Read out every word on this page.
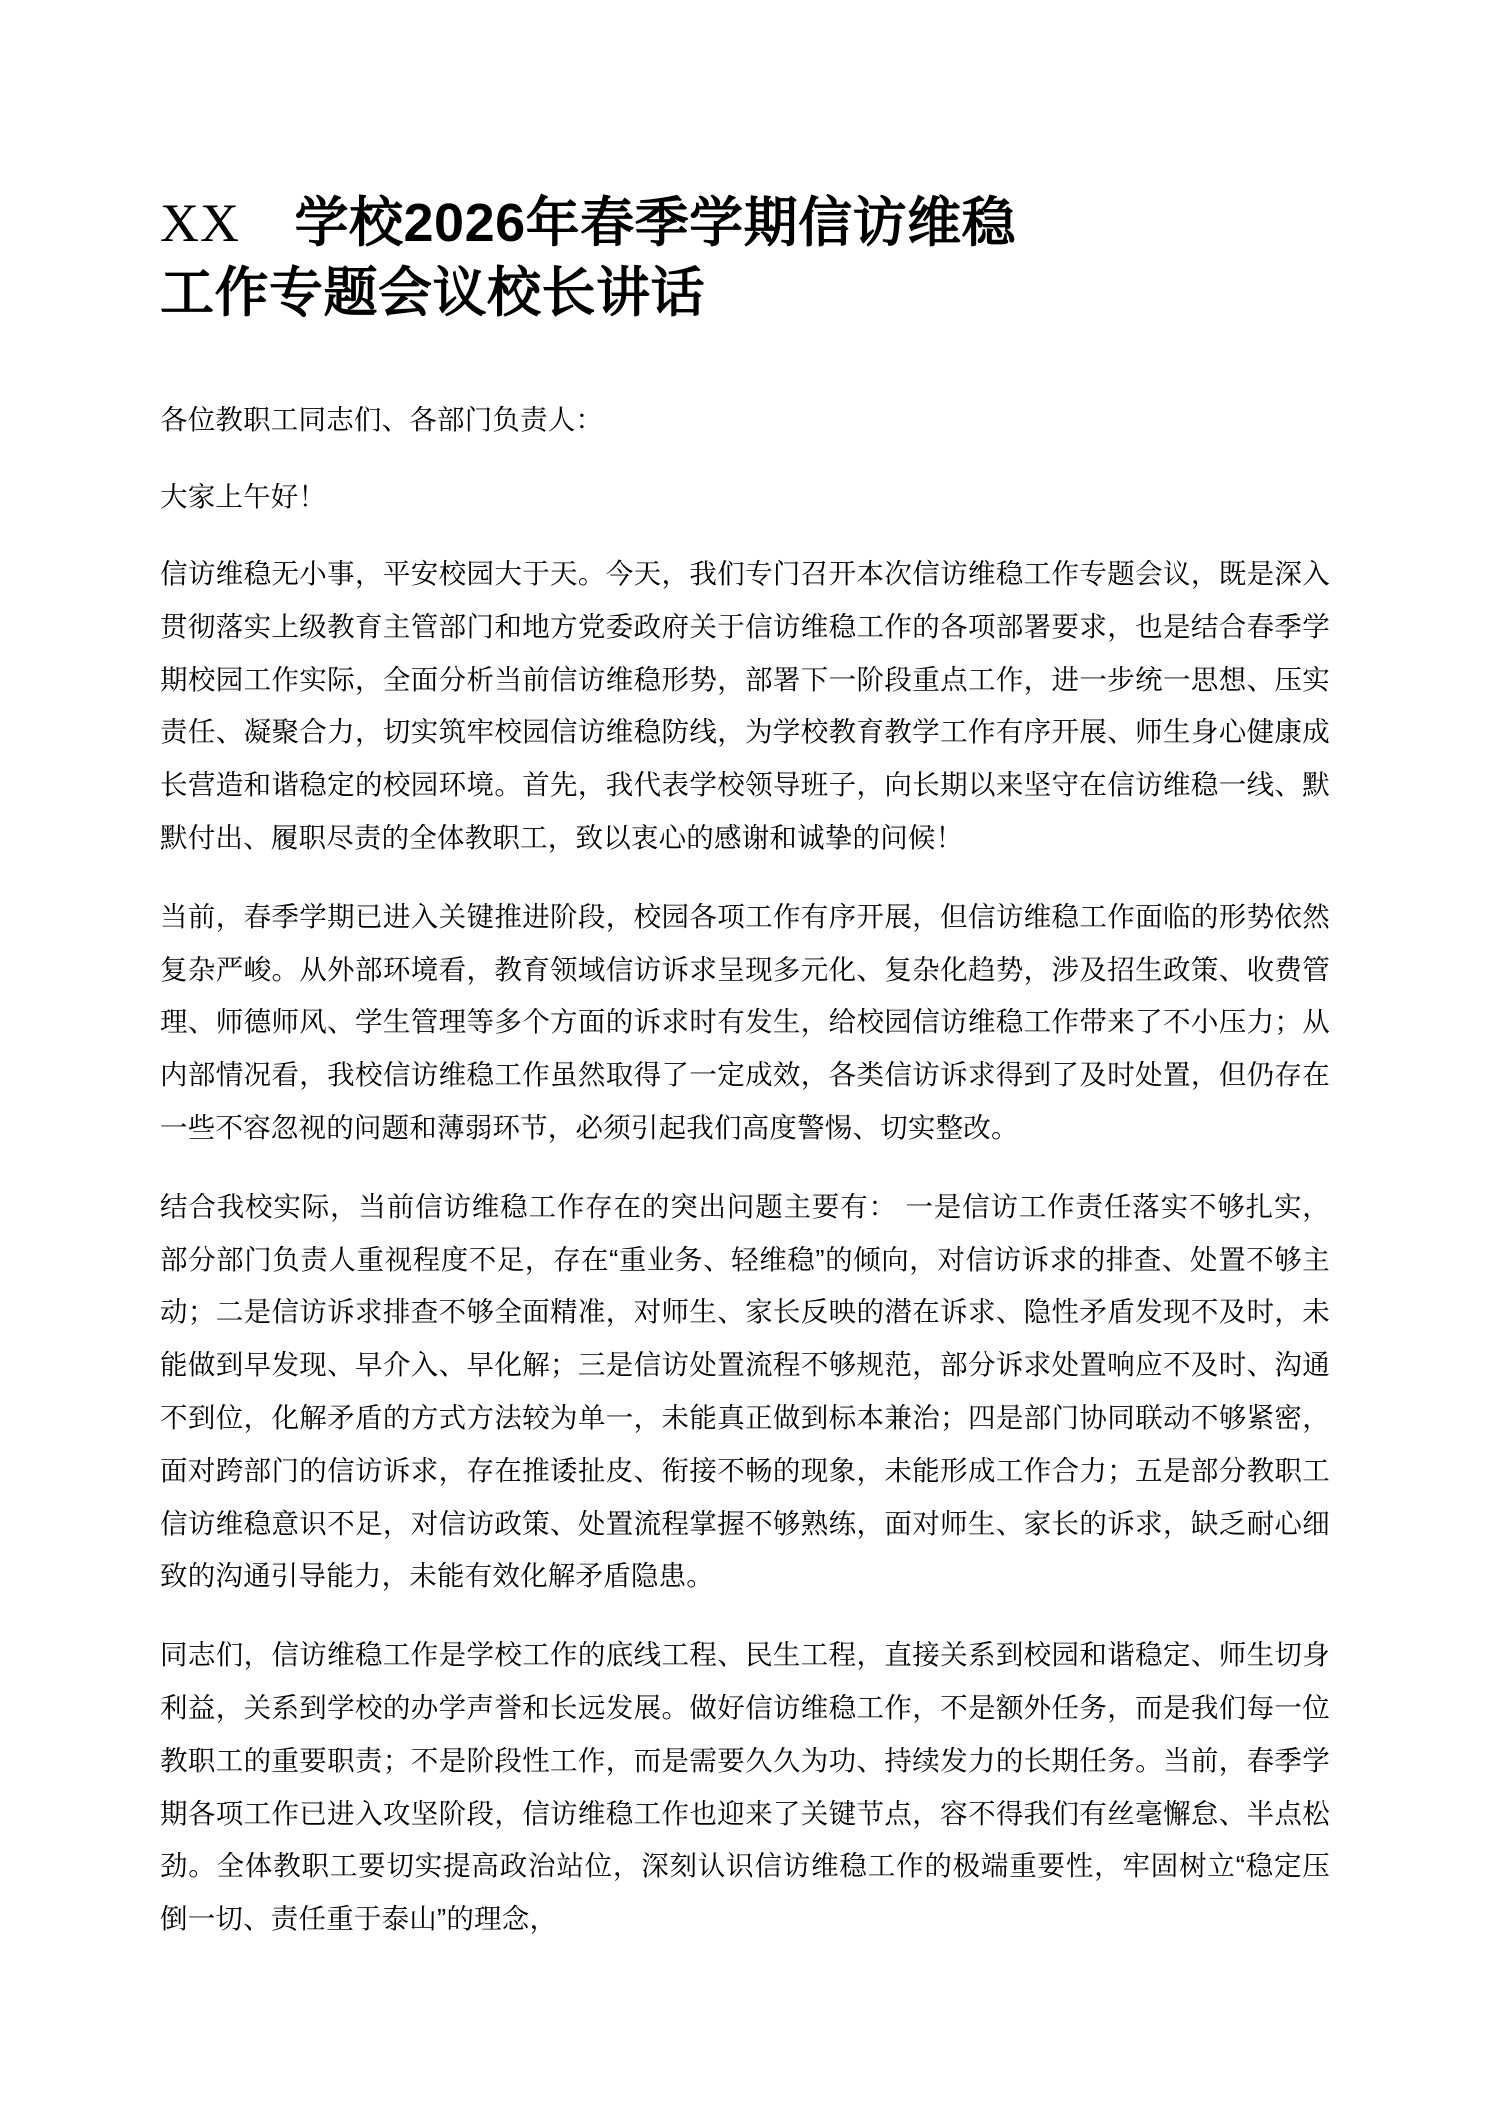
XX　学校2026年春季学期信访维稳
工作专题会议校长讲话

各位教职工同志们、各部门负责人：

大家上午好！

信访维稳无小事，平安校园大于天。今天，我们专门召开本次信访维稳工作专题会议，既是深入贯彻落实上级教育主管部门和地方党委政府关于信访维稳工作的各项部署要求，也是结合春季学期校园工作实际，全面分析当前信访维稳形势，部署下一阶段重点工作，进一步统一思想、压实责任、凝聚合力，切实筑牢校园信访维稳防线，为学校教育教学工作有序开展、师生身心健康成长营造和谐稳定的校园环境。首先，我代表学校领导班子，向长期以来坚守在信访维稳一线、默默付出、履职尽责的全体教职工，致以衷心的感谢和诚挚的问候！

当前，春季学期已进入关键推进阶段，校园各项工作有序开展，但信访维稳工作面临的形势依然复杂严峻。从外部环境看，教育领域信访诉求呈现多元化、复杂化趋势，涉及招生政策、收费管理、师德师风、学生管理等多个方面的诉求时有发生，给校园信访维稳工作带来了不小压力；从内部情况看，我校信访维稳工作虽然取得了一定成效，各类信访诉求得到了及时处置，但仍存在一些不容忽视的问题和薄弱环节，必须引起我们高度警惕、切实整改。

结合我校实际，当前信访维稳工作存在的突出问题主要有： 一是信访工作责任落实不够扎实，部分部门负责人重视程度不足，存在“重业务、轻维稳”的倾向，对信访诉求的排查、处置不够主动；二是信访诉求排查不够全面精准，对师生、家长反映的潜在诉求、隐性矛盾发现不及时，未能做到早发现、早介入、早化解；三是信访处置流程不够规范，部分诉求处置响应不及时、沟通不到位，化解矛盾的方式方法较为单一，未能真正做到标本兼治；四是部门协同联动不够紧密，面对跨部门的信访诉求，存在推诿扯皮、衔接不畅的现象，未能形成工作合力；五是部分教职工信访维稳意识不足，对信访政策、处置流程掌握不够熟练，面对师生、家长的诉求，缺乏耐心细致的沟通引导能力，未能有效化解矛盾隐患。

同志们，信访维稳工作是学校工作的底线工程、民生工程，直接关系到校园和谐稳定、师生切身利益，关系到学校的办学声誉和长远发展。做好信访维稳工作，不是额外任务，而是我们每一位教职工的重要职责；不是阶段性工作，而是需要久久为功、持续发力的长期任务。当前，春季学期各项工作已进入攻坚阶段，信访维稳工作也迎来了关键节点，容不得我们有丝毫懈怠、半点松劲。全体教职工要切实提高政治站位，深刻认识信访维稳工作的极端重要性，牢固树立“稳定压倒一切、责任重于泰山”的理念，
